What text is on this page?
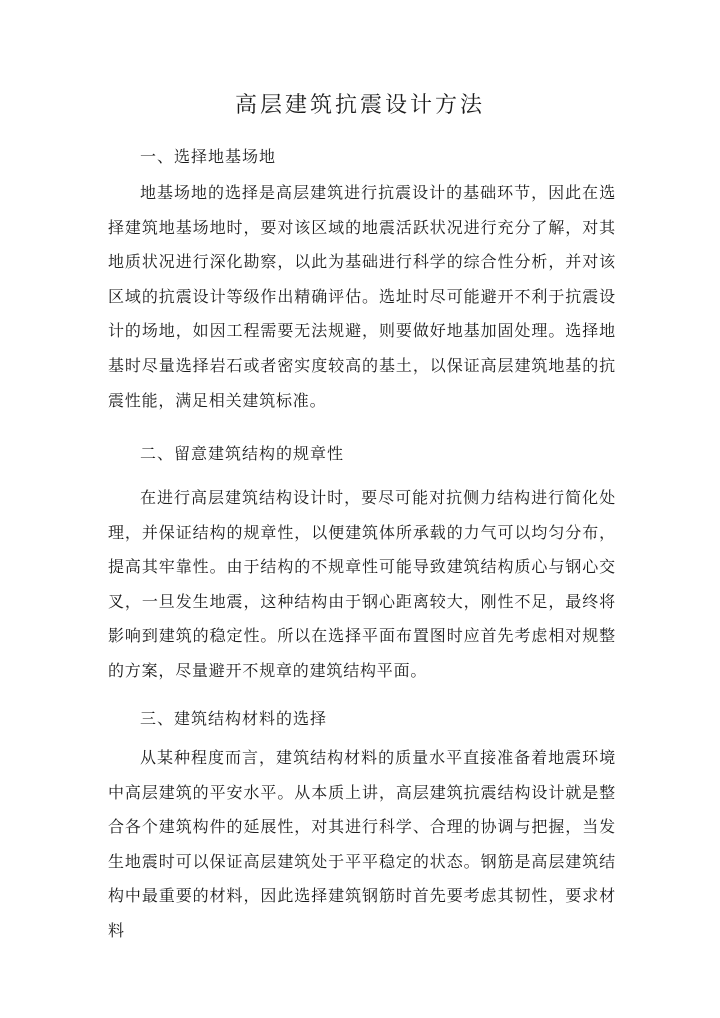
高层建筑抗震设计方法
一、选择地基场地

地基场地的选择是高层建筑进行抗震设计的基础环节，因此在选择建筑地基场地时，要对该区域的地震活跃状况进行充分了解，对其地质状况进行深化勘察，以此为基础进行科学的综合性分析，并对该区域的抗震设计等级作出精确评估。选址时尽可能避开不利于抗震设计的场地，如因工程需要无法规避，则要做好地基加固处理。选择地基时尽量选择岩石或者密实度较高的基土，以保证高层建筑地基的抗震性能，满足相关建筑标准。

二、留意建筑结构的规章性

在进行高层建筑结构设计时，要尽可能对抗侧力结构进行简化处理，并保证结构的规章性，以便建筑体所承载的力气可以均匀分布，提高其牢靠性。由于结构的不规章性可能导致建筑结构质心与钢心交叉，一旦发生地震，这种结构由于钢心距离较大，刚性不足，最终将影响到建筑的稳定性。所以在选择平面布置图时应首先考虑相对规整的方案，尽量避开不规章的建筑结构平面。

三、建筑结构材料的选择

从某种程度而言，建筑结构材料的质量水平直接准备着地震环境中高层建筑的平安水平。从本质上讲，高层建筑抗震结构设计就是整合各个建筑构件的延展性，对其进行科学、合理的协调与把握，当发生地震时可以保证高层建筑处于平平稳定的状态。钢筋是高层建筑结构中最重要的材料，因此选择建筑钢筋时首先要考虑其韧性，要求材料
